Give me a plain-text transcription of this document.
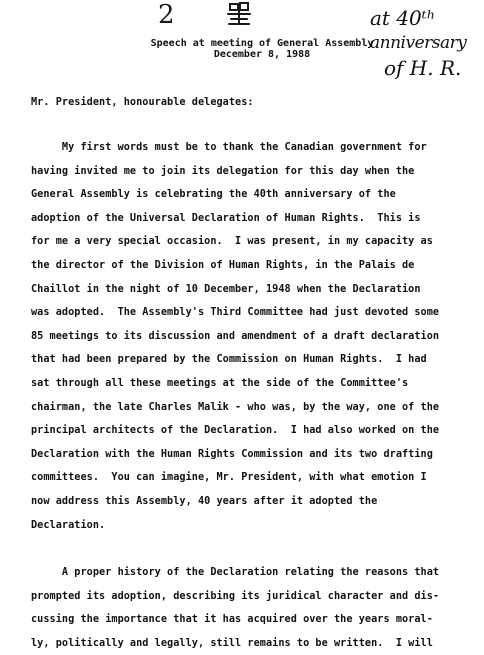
2	at 40ᵗʰ
anniversary
of H. R.
Speech at meeting of General Assembly
December 8, 1988
Mr. President, honourable delegates:
My first words must be to thank the Canadian government for
having invited me to join its delegation for this day when the
General Assembly is celebrating the 40th anniversary of the
adoption of the Universal Declaration of Human Rights.  This is
for me a very special occasion.  I was present, in my capacity as
the director of the Division of Human Rights, in the Palais de
Chaillot in the night of 10 December, 1948 when the Declaration
was adopted.  The Assembly's Third Committee had just devoted some
85 meetings to its discussion and amendment of a draft declaration
that had been prepared by the Commission on Human Rights.  I had
sat through all these meetings at the side of the Committee's
chairman, the late Charles Malik - who was, by the way, one of the
principal architects of the Declaration.  I had also worked on the
Declaration with the Human Rights Commission and its two drafting
committees.  You can imagine, Mr. President, with what emotion I
now address this Assembly, 40 years after it adopted the
Declaration.
A proper history of the Declaration relating the reasons that
prompted its adoption, describing its juridical character and dis-
cussing the importance that it has acquired over the years moral-
ly, politically and legally, still remains to be written.  I will
